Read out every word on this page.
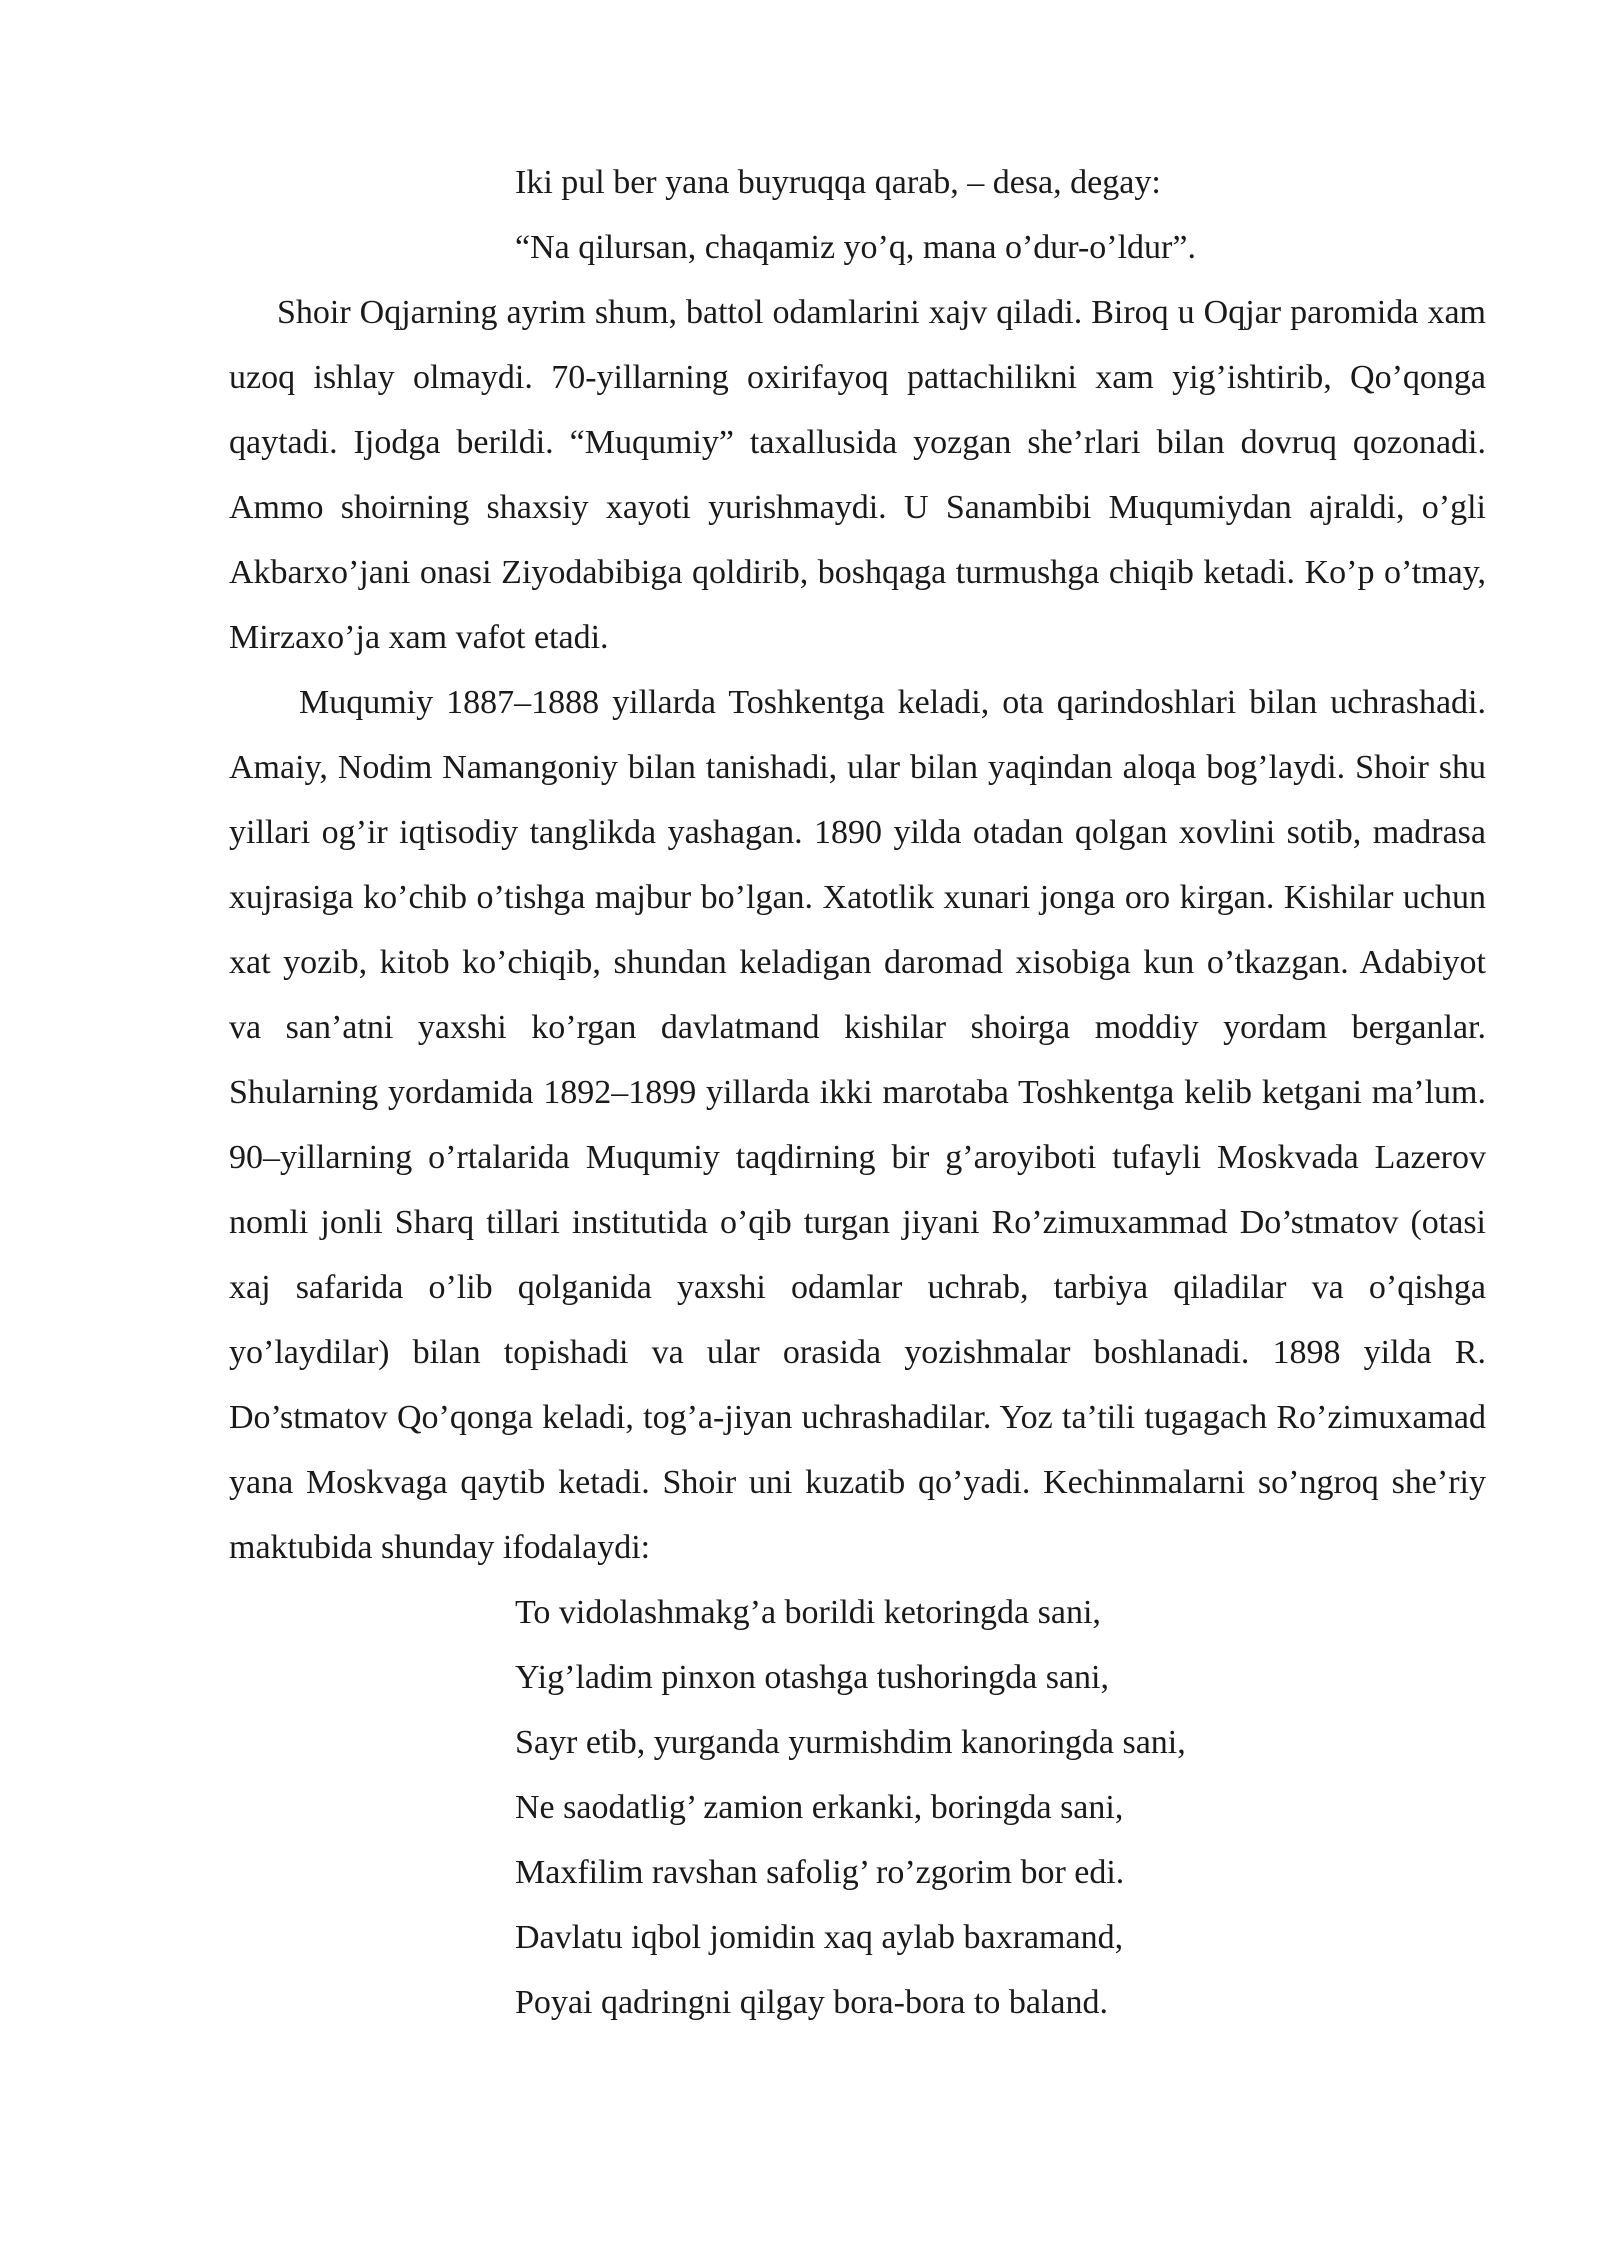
Iki pul ber yana buyruqqa qarab, – desa, degay:
“Na qilursan, chaqamiz yo’q, mana o’dur-o’ldur”.

Shoir Oqjarning ayrim shum, battol odamlarini xajv qiladi. Biroq u Oqjar paromida xam uzoq ishlay olmaydi. 70-yillarning oxirifayoq pattachilikni xam yig’ishtirib, Qo’qonga qaytadi. Ijodga berildi. “Muqumiy” taxallusida yozgan she’rlari bilan dovruq qozonadi. Ammo shoirning shaxsiy xayoti yurishmaydi. U Sanambibi Muqumiydan ajraldi, o’gli Akbarxo’jani onasi Ziyodabibiga qoldirib, boshqaga turmushga chiqib ketadi. Ko’p o’tmay, Mirzaxo’ja xam vafot etadi.

Muqumiy 1887–1888 yillarda Toshkentga keladi, ota qarindoshlari bilan uchrashadi. Amaiy, Nodim Namangoniy bilan tanishadi, ular bilan yaqindan aloqa bog’laydi. Shoir shu yillari og’ir iqtisodiy tanglikda yashagan. 1890 yilda otadan qolgan xovlini sotib, madrasa xujrasiga ko’chib o’tishga majbur bo’lgan. Xatotlik xunari jonga oro kirgan. Kishilar uchun xat yozib, kitob ko’chiqib, shundan keladigan daromad xisobiga kun o’tkazgan. Adabiyot va san’atni yaxshi ko’rgan davlatmand kishilar shoirga moddiy yordam berganlar. Shularning yordamida 1892–1899 yillarda ikki marotaba Toshkentga kelib ketgani ma’lum. 90–yillarning o’rtalarida Muqumiy taqdirning bir g’aroyiboti tufayli Moskvada Lazerov nomli jonli Sharq tillari institutida o’qib turgan jiyani Ro’zimuxammad Do’stmatov (otasi xaj safarida o’lib qolganida yaxshi odamlar uchrab, tarbiya qiladilar va o’qishga yo’laydilar) bilan topishadi va ular orasida yozishmalar boshlanadi. 1898 yilda R. Do’stmatov Qo’qonga keladi, tog’a-jiyan uchrashadilar. Yoz ta’tili tugagach Ro’zimuxamad yana Moskvaga qaytib ketadi. Shoir uni kuzatib qo’yadi. Kechinmalarni so’ngroq she’riy maktubida shunday ifodalaydi:

To vidolashmakg’a borildi ketoringda sani,
Yig’ladim pinxon otashga tushoringda sani,
Sayr etib, yurganda yurmishdim kanoringda sani,
Ne saodatlig’ zamion erkanki, boringda sani,
Maxfilim ravshan safolig’ ro’zgorim bor edi.
Davlatu iqbol jomidin xaq aylab baxramand,
Poyai qadringni qilgay bora-bora to baland.
